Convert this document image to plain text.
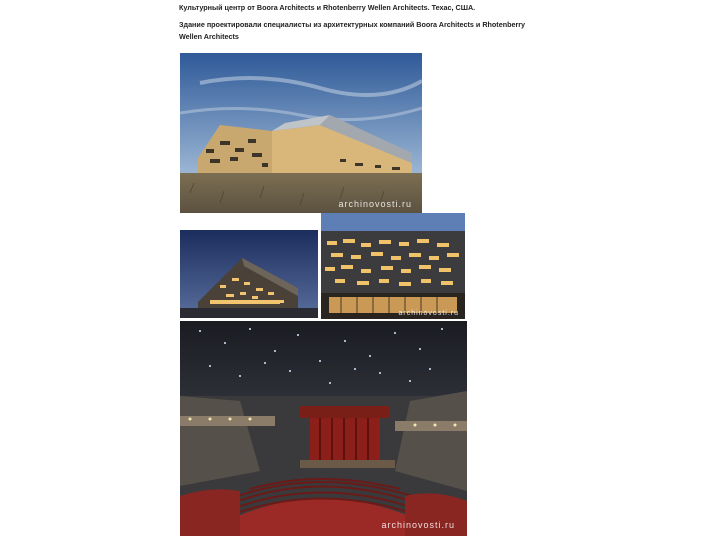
Культурный центр от Boora Architects и Rhotenberry Wellen Architects. Техас, США.
Здание проектировали специалисты из архитектурных компаний Boora Architects и Rhotenberry
Wellen Architects
archinovosti.ru
archinovosti.ru
archinovosti.ru
